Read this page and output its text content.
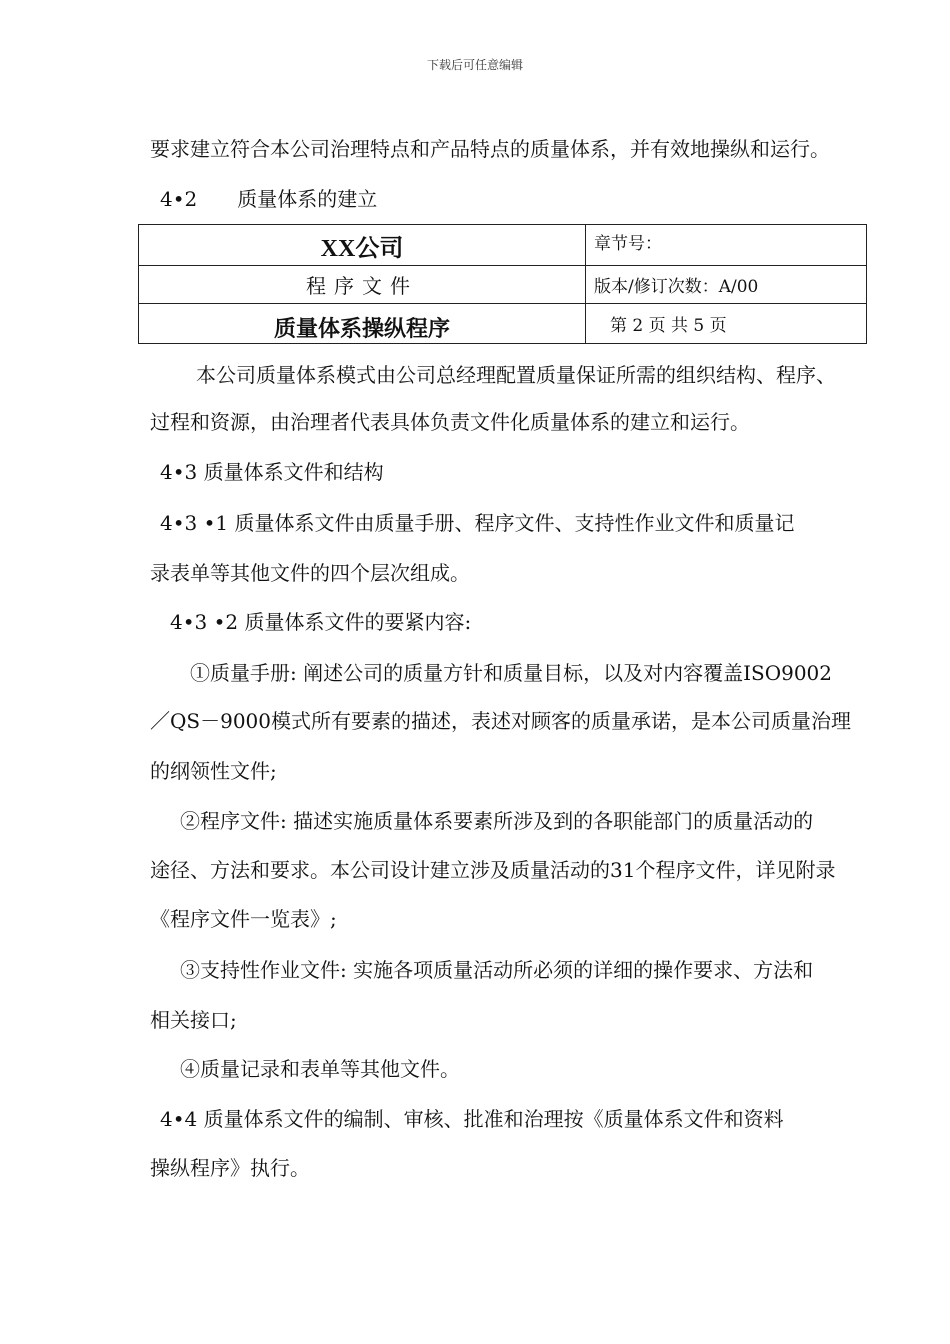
下载后可任意编辑
要求建立符合本公司治理特点和产品特点的质量体系，并有效地操纵和运行。
4•2 质量体系的建立
XX公司	章节号：
程序文件	版本/修订次数：A/00
质量体系操纵程序	第 2 页 共 5 页
本公司质量体系模式由公司总经理配置质量保证所需的组织结构、程序、
过程和资源，由治理者代表具体负责文件化质量体系的建立和运行。
4•3 质量体系文件和结构
4•3 •1 质量体系文件由质量手册、程序文件、支持性作业文件和质量记
录表单等其他文件的四个层次组成。
4•3 •2 质量体系文件的要紧内容:
①质量手册: 阐述公司的质量方针和质量目标，以及对内容覆盖ISO9002
／QS－9000模式所有要素的描述，表述对顾客的质量承诺，是本公司质量治理
的纲领性文件;
②程序文件: 描述实施质量体系要素所涉及到的各职能部门的质量活动的
途径、方法和要求。本公司设计建立涉及质量活动的31个程序文件，详见附录
《程序文件一览表》;
③支持性作业文件: 实施各项质量活动所必须的详细的操作要求、方法和
相关接口;
④质量记录和表单等其他文件。
4•4 质量体系文件的编制、审核、批准和治理按《质量体系文件和资料
操纵程序》执行。
